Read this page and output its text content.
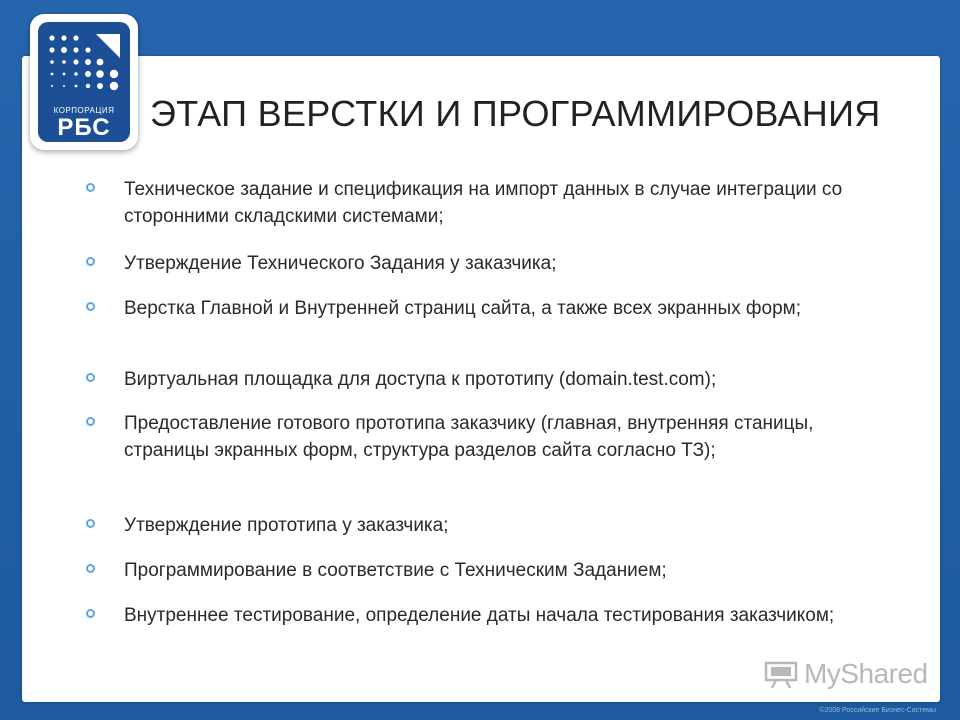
КОРПОРАЦИЯ
РБС	ЭТАП ВЕРСТКИ И ПРОГРАММИРОВАНИЯ
Техническое задание и спецификация на импорт данных в случае интеграции со сторонними складскими системами;
Утверждение Технического Задания у заказчика;
Верстка Главной и Внутренней страниц сайта, а также всех экранных форм;
Виртуальная площадка для доступа к прототипу (domain.test.com);
Предоставление готового прототипа заказчику (главная, внутренняя станицы, страницы экранных форм, структура разделов сайта согласно ТЗ);
Утверждение прототипа у заказчика;
Программирование в соответствие с Техническим Заданием;
Внутреннее тестирование, определение даты начала тестирования заказчиком;
MyShared
©2008 Российские Бизнес-Системы
